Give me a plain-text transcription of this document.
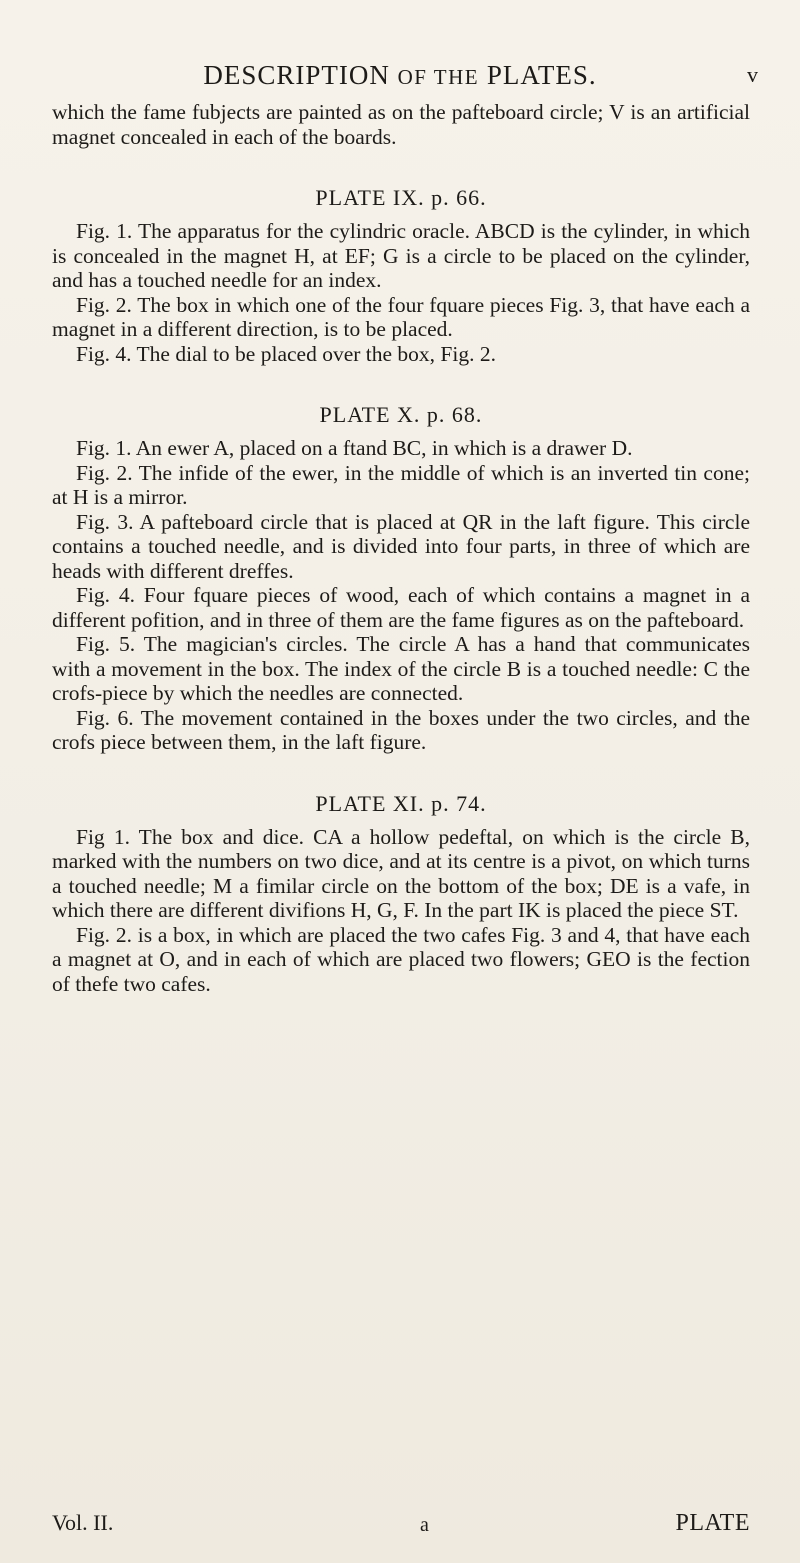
DESCRIPTION OF THE PLATES.	v

which the fame fubjects are painted as on the pafteboard circle; V is an artificial magnet concealed in each of the boards.

PLATE IX. p. 66.

Fig. 1. The apparatus for the cylindric oracle. ABCD is the cylinder, in which is concealed in the magnet H, at EF; G is a circle to be placed on the cylinder, and has a touched needle for an index.

Fig. 2. The box in which one of the four fquare pieces Fig. 3, that have each a magnet in a different direction, is to be placed.

Fig. 4. The dial to be placed over the box, Fig. 2.

PLATE X. p. 68.

Fig. 1. An ewer A, placed on a ftand BC, in which is a drawer D.

Fig. 2. The infide of the ewer, in the middle of which is an inverted tin cone; at H is a mirror.

Fig. 3. A pafteboard circle that is placed at QR in the laft figure. This circle contains a touched needle, and is divided into four parts, in three of which are heads with different dreffes.

Fig. 4. Four fquare pieces of wood, each of which contains a magnet in a different pofition, and in three of them are the fame figures as on the pafteboard.

Fig. 5. The magician's circles. The circle A has a hand that communicates with a movement in the box. The index of the circle B is a touched needle: C the crofs-piece by which the needles are connected.

Fig. 6. The movement contained in the boxes under the two circles, and the crofs piece between them, in the laft figure.

PLATE XI. p. 74.

Fig 1. The box and dice. CA a hollow pedeftal, on which is the circle B, marked with the numbers on two dice, and at its centre is a pivot, on which turns a touched needle; M a fimilar circle on the bottom of the box; DE is a vafe, in which there are different divifions H, G, F. In the part IK is placed the piece ST.

Fig. 2. is a box, in which are placed the two cafes Fig. 3 and 4, that have each a magnet at O, and in each of which are placed two flowers; GEO is the fection of thefe two cafes.

Vol. II.	a	PLATE
